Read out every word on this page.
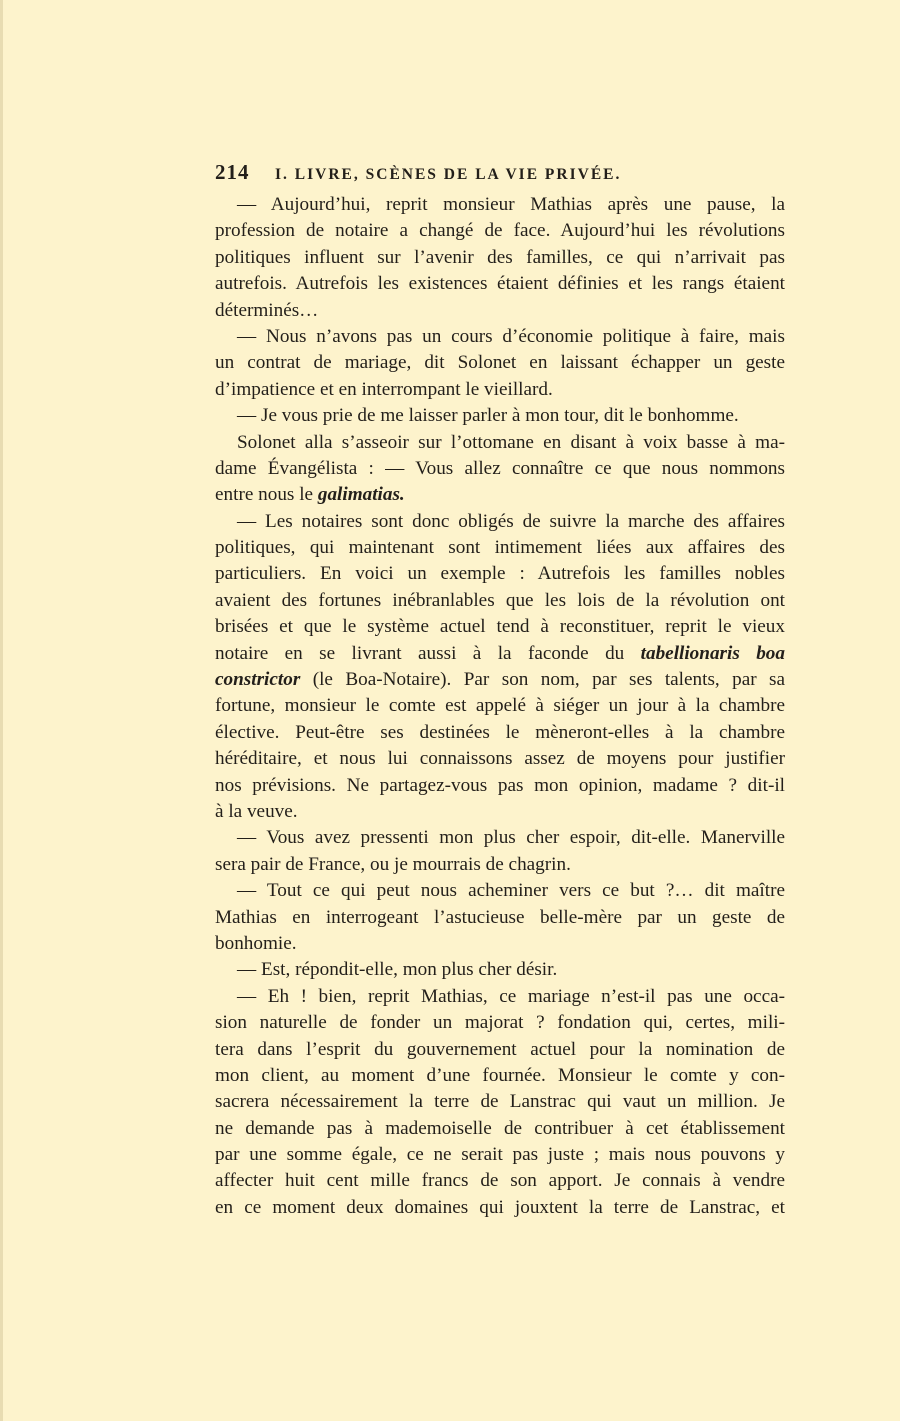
214	I. LIVRE, SCÈNES DE LA VIE PRIVÉE.
— Aujourd’hui, reprit monsieur Mathias après une pause, la
profession de notaire a changé de face. Aujourd’hui les révolutions
politiques influent sur l’avenir des familles, ce qui n’arrivait pas
autrefois. Autrefois les existences étaient définies et les rangs étaient
déterminés…
— Nous n’avons pas un cours d’économie politique à faire, mais
un contrat de mariage, dit Solonet en laissant échapper un geste
d’impatience et en interrompant le vieillard.
— Je vous prie de me laisser parler à mon tour, dit le bonhomme.
Solonet alla s’asseoir sur l’ottomane en disant à voix basse à ma-
dame Évangélista : — Vous allez connaître ce que nous nommons
entre nous le galimatias.
— Les notaires sont donc obligés de suivre la marche des affaires
politiques, qui maintenant sont intimement liées aux affaires des
particuliers. En voici un exemple : Autrefois les familles nobles
avaient des fortunes inébranlables que les lois de la révolution ont
brisées et que le système actuel tend à reconstituer, reprit le vieux
notaire en se livrant aussi à la faconde du tabellionaris boa
constrictor (le Boa-Notaire). Par son nom, par ses talents, par sa
fortune, monsieur le comte est appelé à siéger un jour à la chambre
élective. Peut-être ses destinées le mèneront-elles à la chambre
héréditaire, et nous lui connaissons assez de moyens pour justifier
nos prévisions. Ne partagez-vous pas mon opinion, madame ? dit-il
à la veuve.
— Vous avez pressenti mon plus cher espoir, dit-elle. Manerville
sera pair de France, ou je mourrais de chagrin.
— Tout ce qui peut nous acheminer vers ce but ?… dit maître
Mathias en interrogeant l’astucieuse belle-mère par un geste de
bonhomie.
— Est, répondit-elle, mon plus cher désir.
— Eh ! bien, reprit Mathias, ce mariage n’est-il pas une occa-
sion naturelle de fonder un majorat ? fondation qui, certes, mili-
tera dans l’esprit du gouvernement actuel pour la nomination de
mon client, au moment d’une fournée. Monsieur le comte y con-
sacrera nécessairement la terre de Lanstrac qui vaut un million. Je
ne demande pas à mademoiselle de contribuer à cet établissement
par une somme égale, ce ne serait pas juste ; mais nous pouvons y
affecter huit cent mille francs de son apport. Je connais à vendre
en ce moment deux domaines qui jouxtent la terre de Lanstrac, et
